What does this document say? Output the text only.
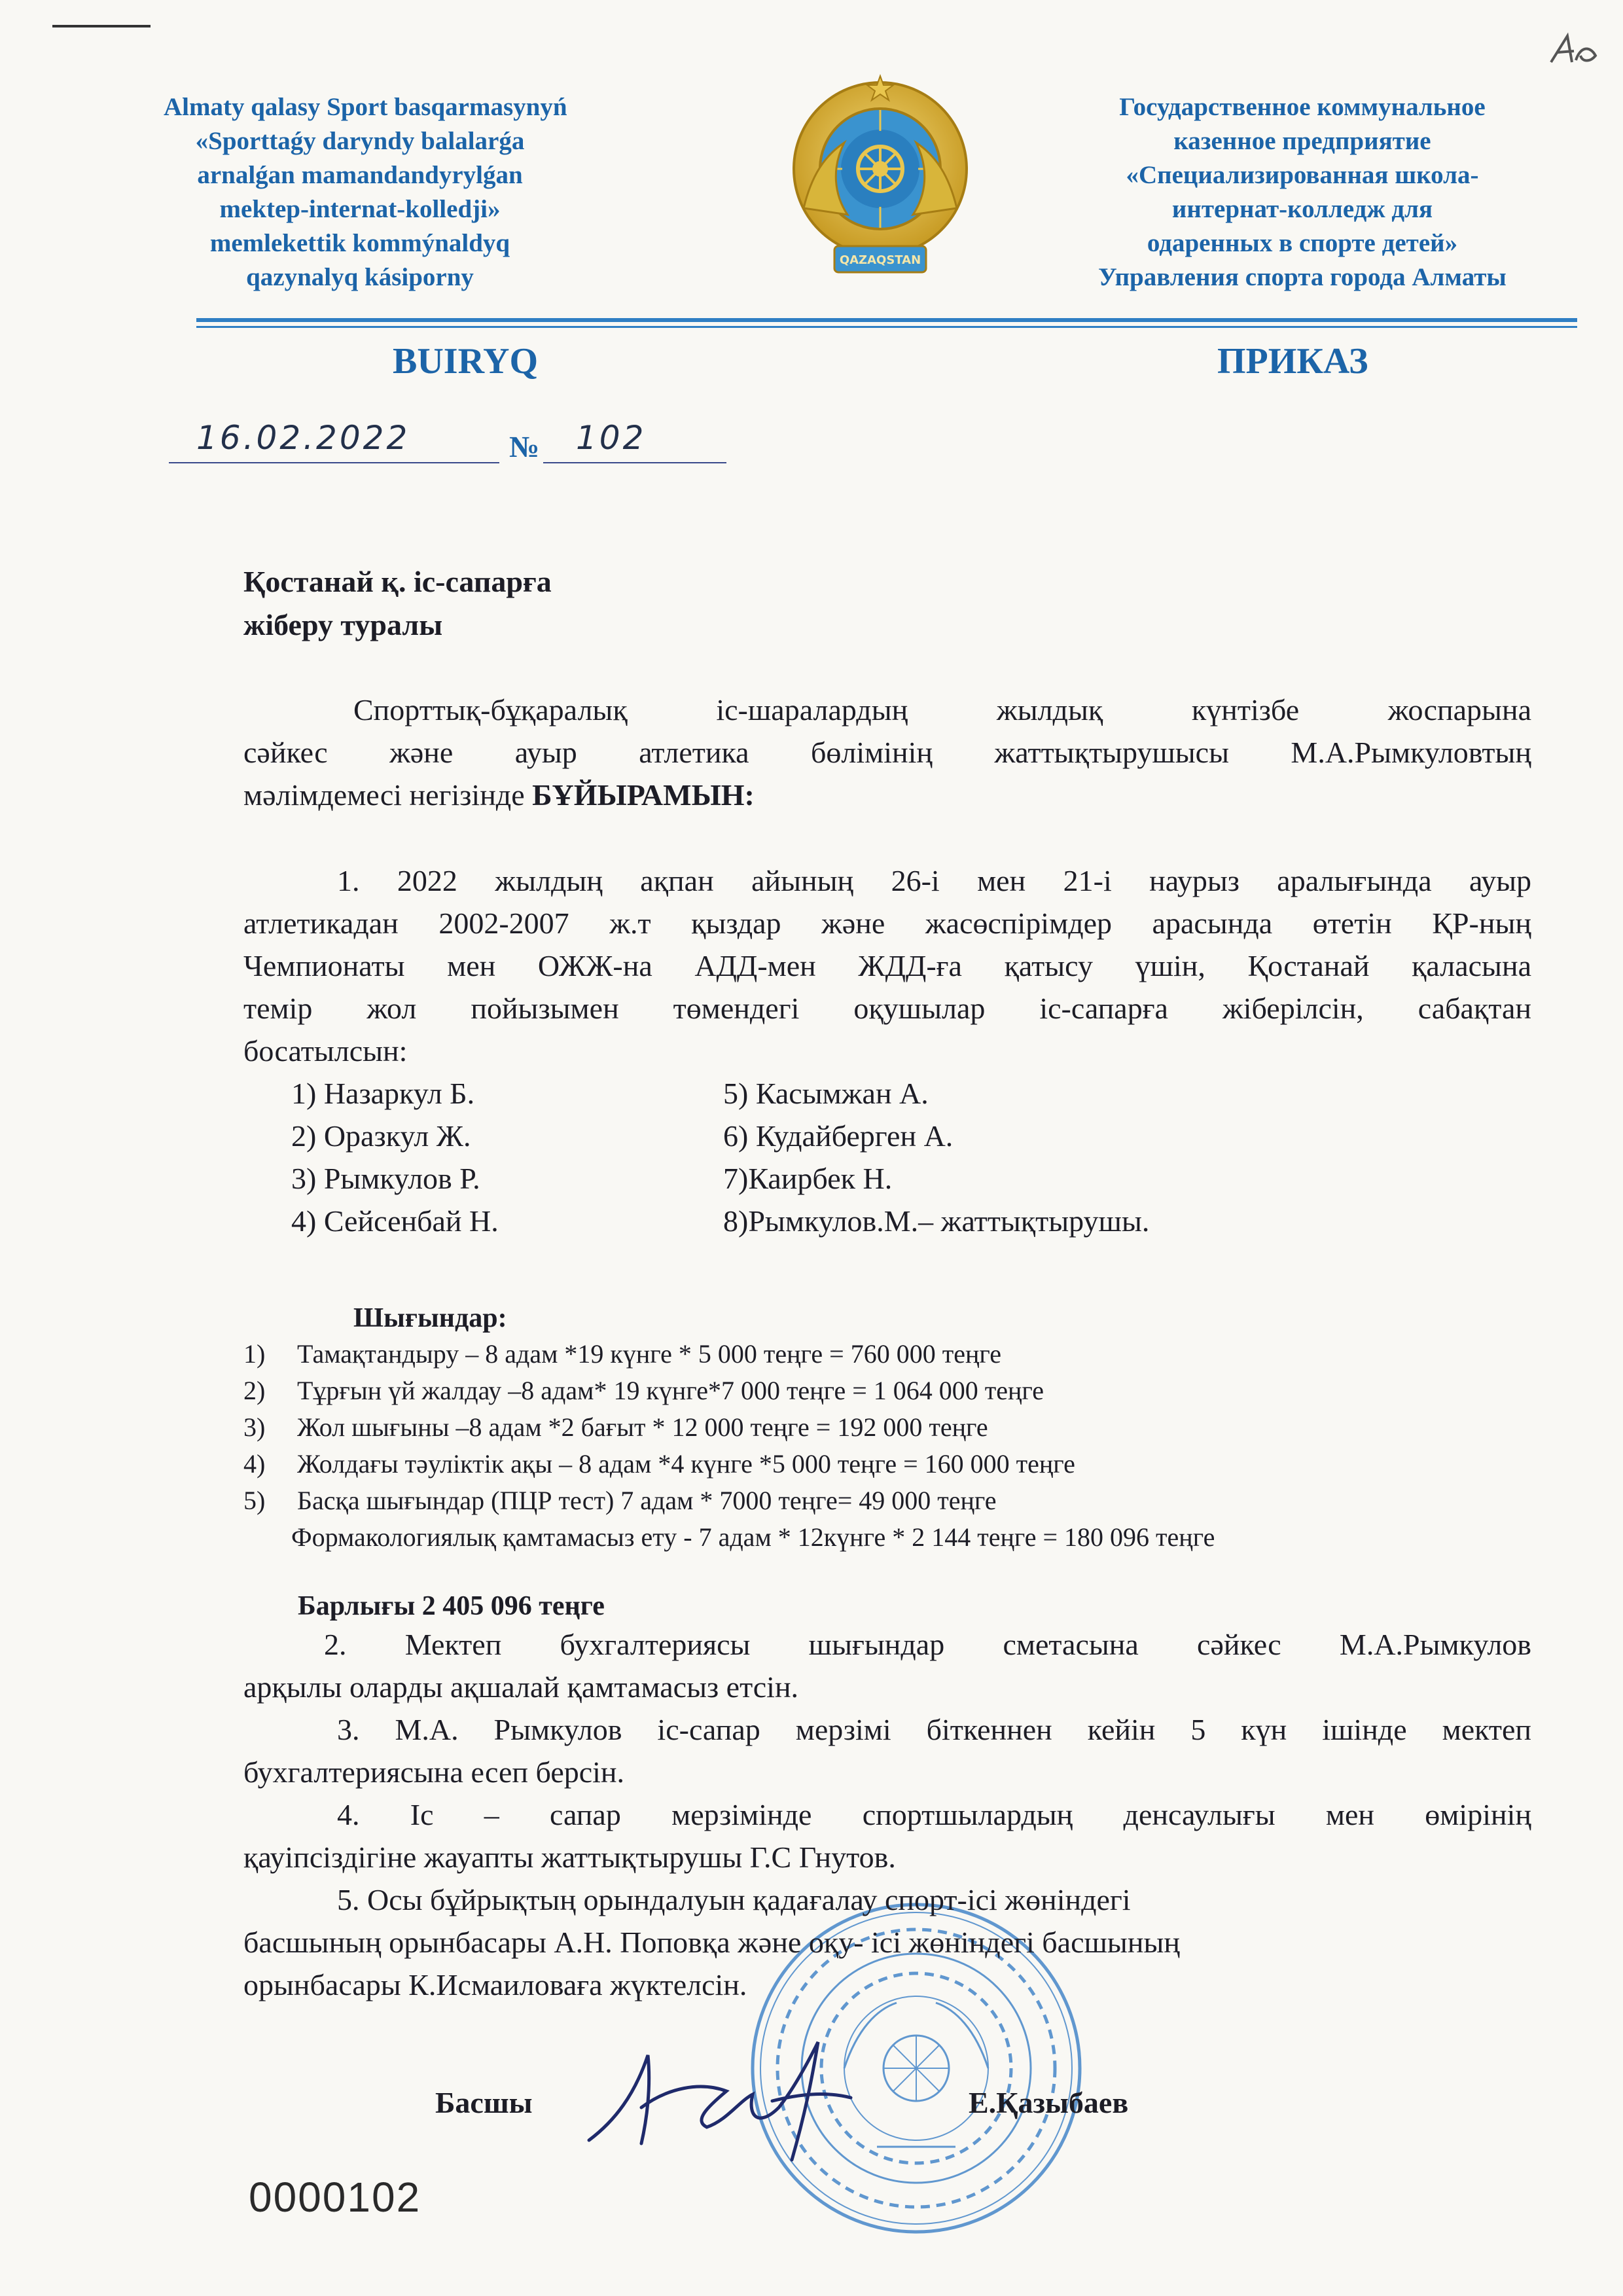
Almaty qalasy Sport basqarmasynyń
«Sporttaǵy daryndy balalarǵa
arnalǵan mamandandyrylǵan
mektep-internat-kolledji»
memlekettik kommýnaldyq
qazynalyq kásiporny
QAZAQSTAN
Государственное коммунальное
казенное предприятие
«Специализированная школа-
интернат-колледж для
одаренных в спорте детей»
Управления спорта города Алматы
BUIRYQ	ПРИКАЗ
16.02.2022	№ 102
Қостанай қ. іс-сапарға
жіберу туралы
Спорттық-бұқаралық іс-шаралардың жылдық күнтізбе жоспарына
сәйкес және ауыр атлетика бөлімінің жаттықтырушысы М.А.Рымкуловтың
мәлімдемесі негізінде БҰЙЫРАМЫН:
1. 2022 жылдың ақпан айының 26-і мен 21-і наурыз аралығында ауыр
атлетикадан 2002-2007 ж.т қыздар және жасөспірімдер арасында өтетін ҚР-ның
Чемпионаты мен ОЖЖ-на АДД-мен ЖДД-ға қатысу үшін, Қостанай қаласына
темір жол пойызымен төмендегі оқушылар іс-сапарға жіберілсін, сабақтан
босатылсын:
1) Назаркул Б.
2) Оразкул Ж.
3) Рымкулов Р.
4) Сейсенбай Н.
5) Касымжан А.
6) Кудайберген А.
7)Каирбек Н.
8)Рымкулов.М.– жаттықтырушы.
Шығындар:
1) Тамақтандыру – 8 адам *19 күнге * 5 000 теңге = 760 000 теңге
2) Тұрғын үй жалдау –8 адам* 19 күнге*7 000 теңге = 1 064 000 теңге
3) Жол шығыны –8 адам *2 бағыт * 12 000 теңге = 192 000 теңге
4) Жолдағы тәуліктік ақы – 8 адам *4 күнге *5 000 теңге = 160 000 теңге
5) Басқа шығындар (ПЦР тест) 7 адам * 7000 теңге= 49 000 теңге
Формакологиялық қамтамасыз ету - 7 адам * 12күнге * 2 144 теңге = 180 096 теңге
Барлығы 2 405 096 теңге
2. Мектеп бухгалтериясы шығындар сметасына сәйкес М.А.Рымкулов
арқылы оларды ақшалай қамтамасыз етсін.
3. М.А. Рымкулов іс-сапар мерзімі біткеннен кейін 5 күн ішінде мектеп
бухгалтериясына есеп берсін.
4. Іс – сапар мерзімінде спортшылардың денсаулығы мен өмірінің
қауіпсіздігіне жауапты жаттықтырушы Г.С Гнутов.
5. Осы бұйрықтың орындалуын қадағалау спорт-ісі жөніндегі
басшының орынбасары А.Н. Поповқа және оқу- ісі жөніндегі басшының
орынбасары К.Исмаиловаға жүктелсін.
Басшы	Е.Қазыбаев
0000102
